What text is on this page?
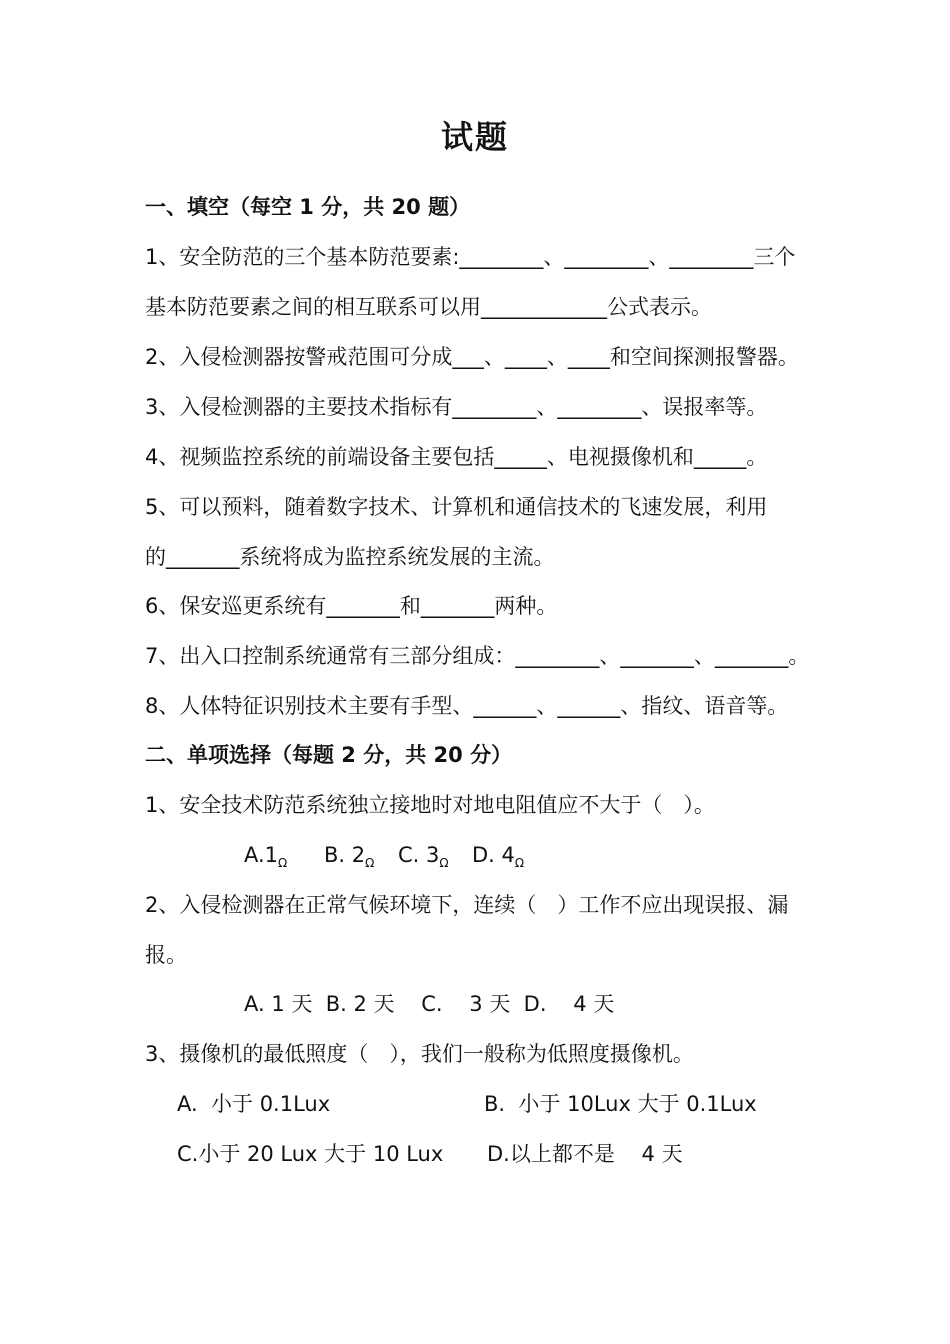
试题
一、填空（每空 1 分，共 20 题）
1、安全防范的三个基本防范要素:________、________、________三个
基本防范要素之间的相互联系可以用____________公式表示。
2、入侵检测器按警戒范围可分成___、____、____和空间探测报警器。
3、入侵检测器的主要技术指标有________、________、误报率等。
4、视频监控系统的前端设备主要包括_____、电视摄像机和_____。
5、可以预料，随着数字技术、计算机和通信技术的飞速发展，利用
的_______系统将成为监控系统发展的主流。
6、保安巡更系统有_______和_______两种。
7、出入口控制系统通常有三部分组成：________、_______、_______。
8、人体特征识别技术主要有手型、______、______、指纹、语音等。
二、单项选择（每题 2 分，共 20 分）
1、安全技术防范系统独立接地时对地电阻值应不大于（　）。
$A.1_\Omega$ B. $2_\Omega$ C. $3_\Omega$ D. $4_\Omega$
2、入侵检测器在正常气候环境下，连续（　）工作不应出现误报、漏
报。
A. 1 天  B. 2 天    C.    3 天  D.    4 天
3、摄像机的最低照度（　），我们一般称为低照度摄像机。
A.  小于 0.1Lux	B.  小于 10Lux 大于 0.1Lux
C.小于 20 Lux 大于 10 Lux D.以上都不是    4 天
